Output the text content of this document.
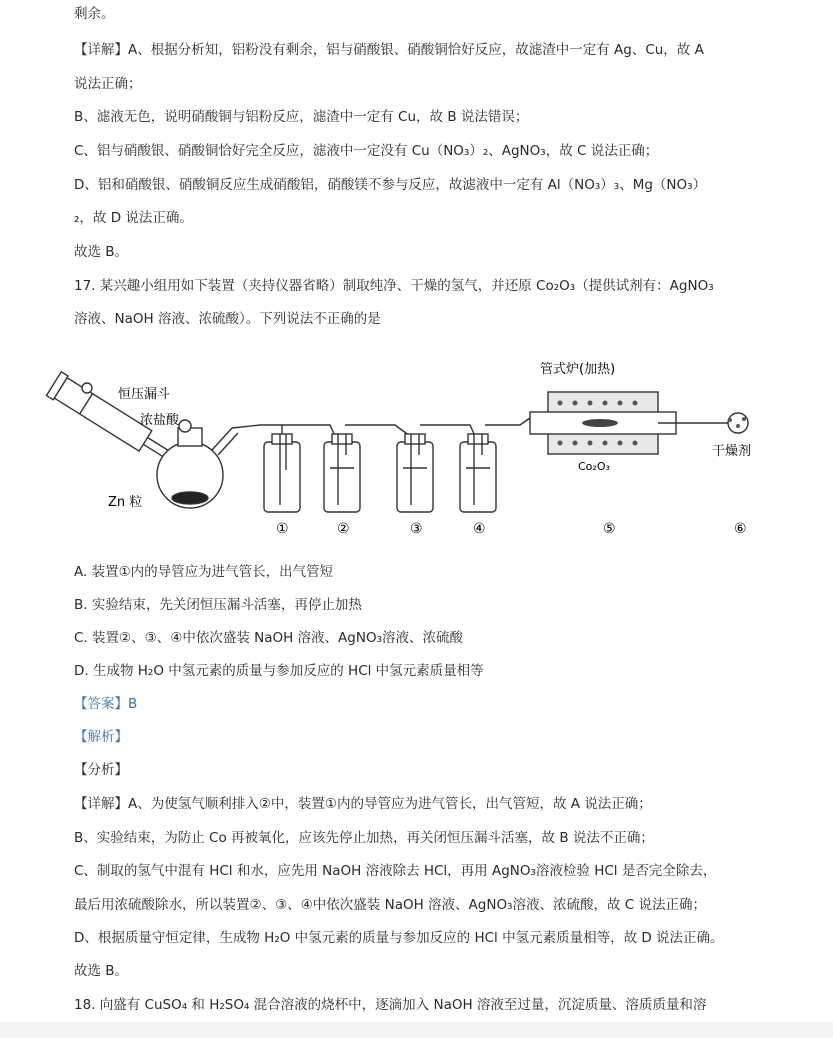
剩余。
【详解】A、根据分析知，铝粉没有剩余，铝与硝酸银、硝酸铜恰好反应，故滤渣中一定有 Ag、Cu，故 A
说法正确；
B、滤液无色，说明硝酸铜与铝粉反应，滤渣中一定有 Cu，故 B 说法错误；
C、铝与硝酸银、硝酸铜恰好完全反应，滤液中一定没有 Cu（NO₃）₂、AgNO₃，故 C 说法正确；
D、铝和硝酸银、硝酸铜反应生成硝酸铝，硝酸镁不参与反应，故滤液中一定有 Al（NO₃）₃、Mg（NO₃）
₂，故 D 说法正确。
故选 B。
17. 某兴趣小组用如下装置（夹持仪器省略）制取纯净、干燥的氢气，并还原 Co₂O₃（提供试剂有：AgNO₃
溶液、NaOH 溶液、浓硫酸）。下列说法不正确的是
恒压漏斗
浓盐酸
Zn 粒
管式炉(加热)
Co₂O₃
干燥剂
①	②	③	④	⑤	⑥
A. 装置①内的导管应为进气管长，出气管短
B. 实验结束，先关闭恒压漏斗活塞，再停止加热
C. 装置②、③、④中依次盛装 NaOH 溶液、AgNO₃溶液、浓硫酸
D. 生成物 H₂O 中氢元素的质量与参加反应的 HCl 中氢元素质量相等
【答案】B
【解析】
【分析】
【详解】A、为使氢气顺利排入②中，装置①内的导管应为进气管长，出气管短，故 A 说法正确；
B、实验结束，为防止 Co 再被氧化，应该先停止加热，再关闭恒压漏斗活塞，故 B 说法不正确；
C、制取的氢气中混有 HCl 和水，应先用 NaOH 溶液除去 HCl，再用 AgNO₃溶液检验 HCl 是否完全除去，
最后用浓硫酸除水，所以装置②、③、④中依次盛装 NaOH 溶液、AgNO₃溶液、浓硫酸，故 C 说法正确；
D、根据质量守恒定律，生成物 H₂O 中氢元素的质量与参加反应的 HCl 中氢元素质量相等，故 D 说法正确。
故选 B。
18. 向盛有 CuSO₄ 和 H₂SO₄ 混合溶液的烧杯中，逐滴加入 NaOH 溶液至过量，沉淀质量、溶质质量和溶
